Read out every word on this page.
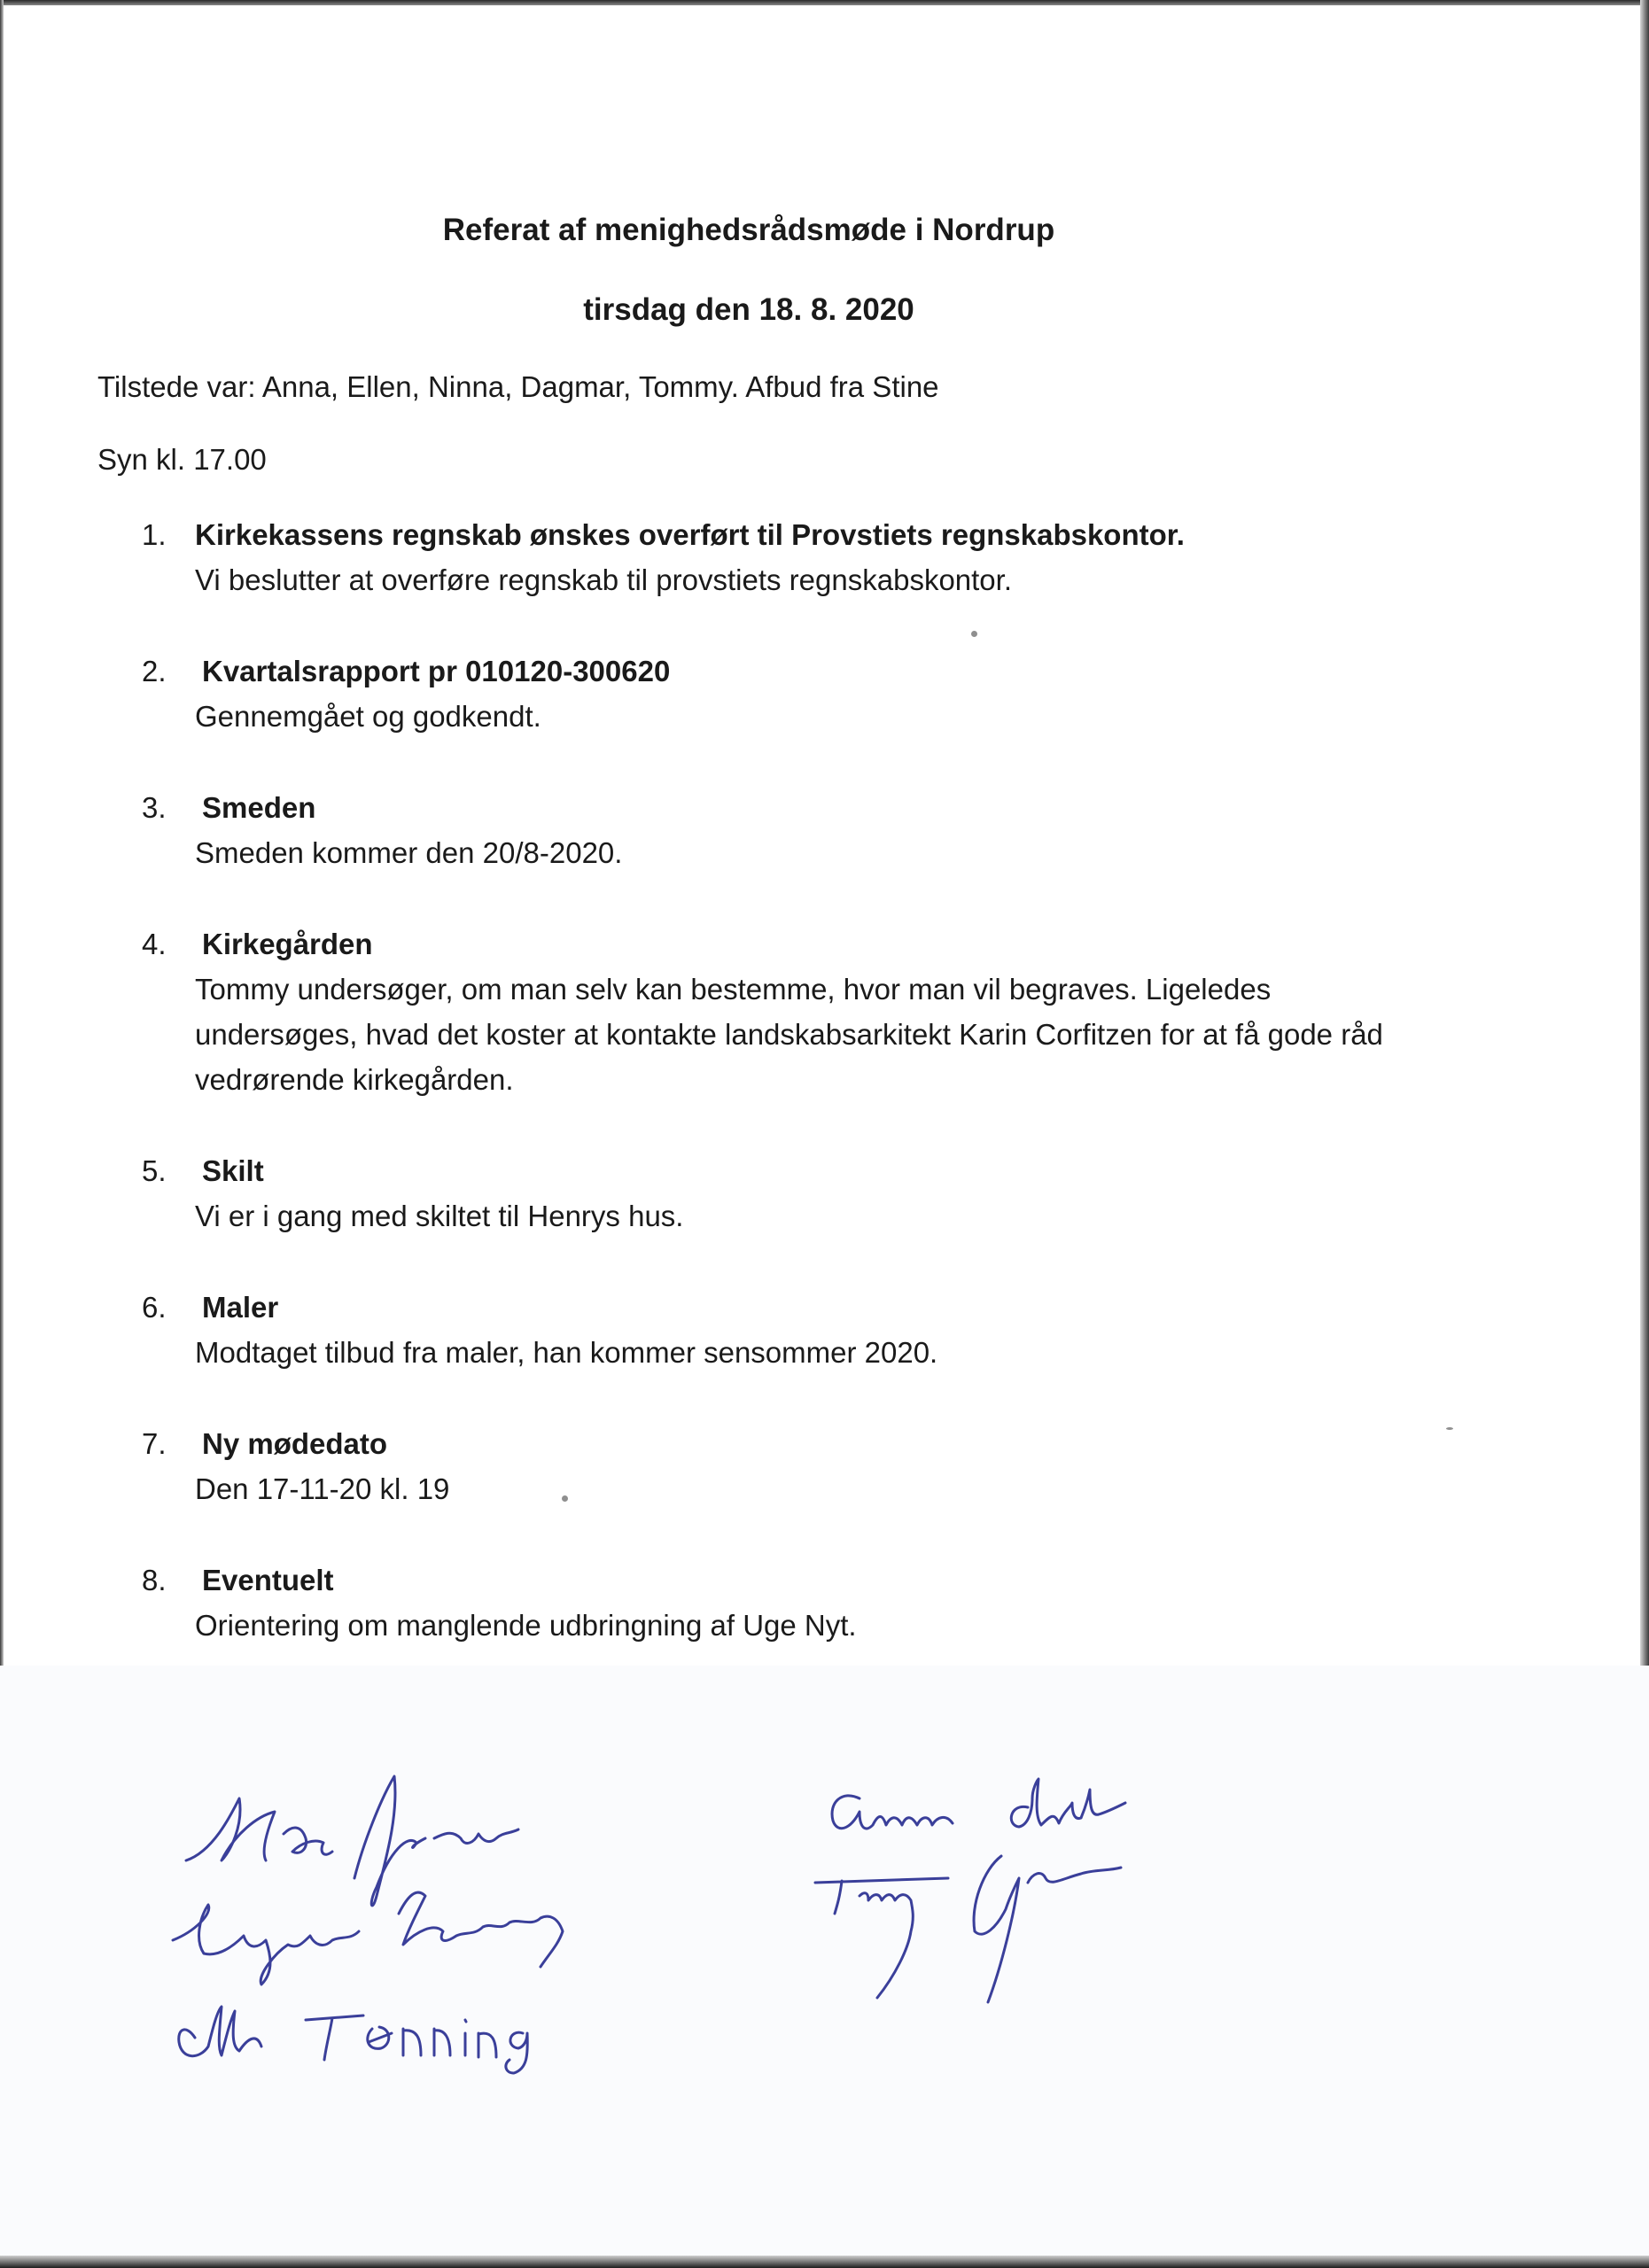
Referat af menighedsrådsmøde i Nordrup
tirsdag den 18. 8. 2020

Tilstede var: Anna, Ellen, Ninna, Dagmar, Tommy. Afbud fra Stine

Syn kl. 17.00

1. Kirkekassens regnskab ønskes overført til Provstiets regnskabskontor.
Vi beslutter at overføre regnskab til provstiets regnskabskontor.
2.	Kvartalsrapport pr 010120-300620
Gennemgået og godkendt.
3.	Smeden
Smeden kommer den 20/8-2020.
4.	Kirkegården
Tommy undersøger, om man selv kan bestemme, hvor man vil begraves. Ligeledes undersøges, hvad det koster at kontakte landskabsarkitekt Karin Corfitzen for at få gode råd vedrørende kirkegården.
5.	Skilt
Vi er i gang med skiltet til Henrys hus.
6.	Maler
Modtaget tilbud fra maler, han kommer sensommer 2020.
7.	Ny mødedato
Den 17-11-20 kl. 19
8.	Eventuelt
Orientering om manglende udbringning af Uge Nyt.
